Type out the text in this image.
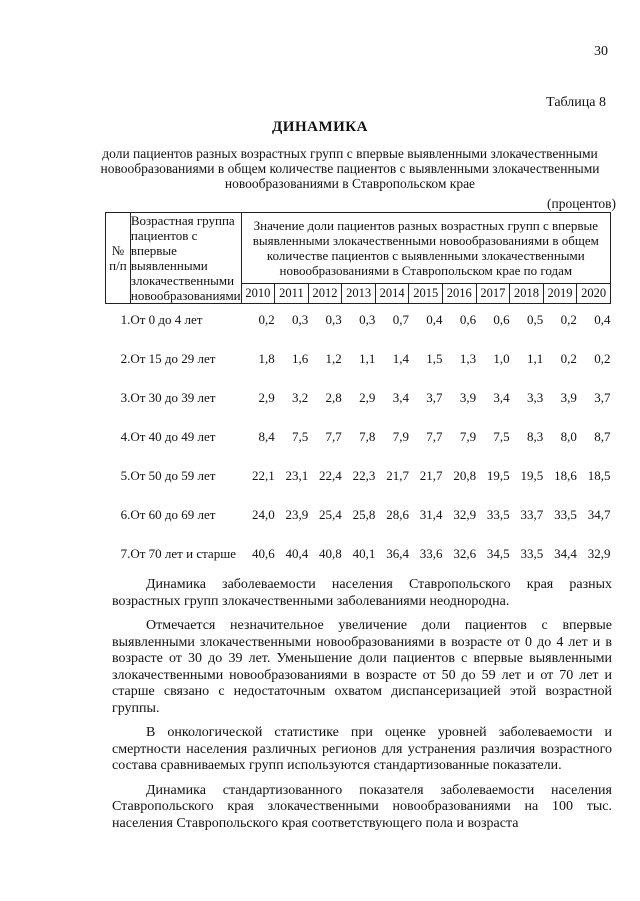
30
Таблица 8
ДИНАМИКА
доли пациентов разных возрастных групп с впервые выявленными злокачественными новообразованиями в общем количестве пациентов с выявленными злокачественными новообразованиями в Ставропольском крае
(процентов)
№ п/п	Возрастная группа пациентов с впервые выявленными злокачественными новообразованиями	Значение доли пациентов разных возрастных групп с впервые выявленными злокачественными новообразованиями в общем количестве пациентов с выявленными злокачественными новообразованиями в Ставропольском крае по годам										
		2010	2011	2012	2013	2014	2015	2016	2017	2018	2019	2020
1.	От 0 до 4 лет	0,2	0,3	0,3	0,3	0,7	0,4	0,6	0,6	0,5	0,2	0,4
2.	От 15 до 29 лет	1,8	1,6	1,2	1,1	1,4	1,5	1,3	1,0	1,1	0,2	0,2
3.	От 30 до 39 лет	2,9	3,2	2,8	2,9	3,4	3,7	3,9	3,4	3,3	3,9	3,7
4.	От 40 до 49 лет	8,4	7,5	7,7	7,8	7,9	7,7	7,9	7,5	8,3	8,0	8,7
5.	От 50 до 59 лет	22,1	23,1	22,4	22,3	21,7	21,7	20,8	19,5	19,5	18,6	18,5
6.	От 60 до 69 лет	24,0	23,9	25,4	25,8	28,6	31,4	32,9	33,5	33,7	33,5	34,7
7.	От 70 лет и старше	40,6	40,4	40,8	40,1	36,4	33,6	32,6	34,5	33,5	34,4	32,9

Динамика заболеваемости населения Ставропольского края разных возрастных групп злокачественными заболеваниями неоднородна.

Отмечается незначительное увеличение доли пациентов с впервые выявленными злокачественными новообразованиями в возрасте от 0 до 4 лет и в возрасте от 30 до 39 лет. Уменьшение доли пациентов с впервые выявленными злокачественными новообразованиями в возрасте от 50 до 59 лет и от 70 лет и старше связано с недостаточным охватом диспансеризацией этой возрастной группы.

В онкологической статистике при оценке уровней заболеваемости и смертности населения различных регионов для устранения различия возрастного состава сравниваемых групп используются стандартизованные показатели.

Динамика стандартизованного показателя заболеваемости населения Ставропольского края злокачественными новообразованиями на 100 тыс. населения Ставропольского края соответствующего пола и возраста
